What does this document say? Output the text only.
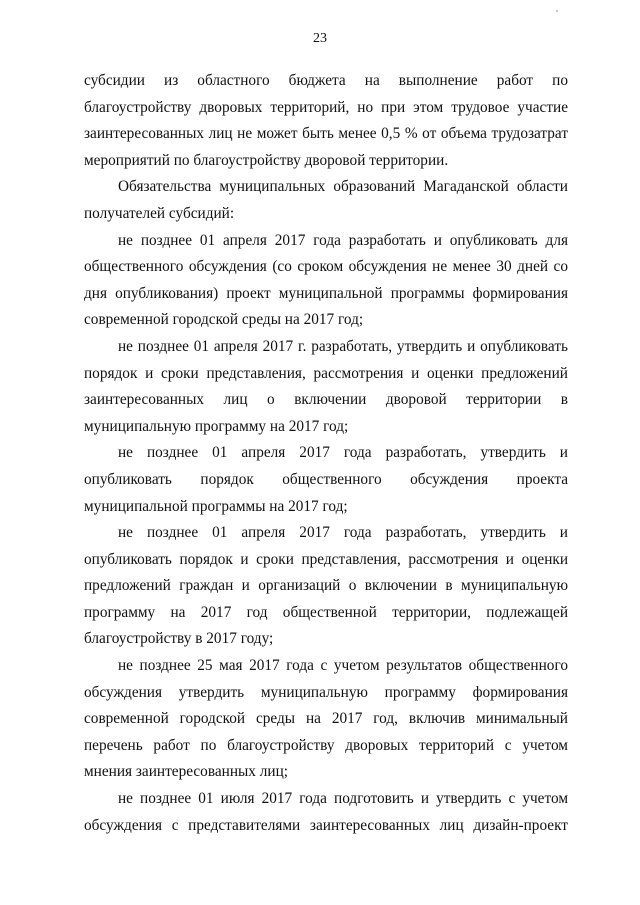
23

субсидии из областного бюджета на выполнение работ по благоустройству дворовых территорий, но при этом трудовое участие заинтересованных лиц не может быть менее 0,5 % от объема трудозатрат мероприятий по благоустройству дворовой территории.

Обязательства муниципальных образований Магаданской области получателей субсидий:

не позднее 01 апреля 2017 года разработать и опубликовать для общественного обсуждения (со сроком обсуждения не менее 30 дней со дня опубликования) проект муниципальной программы формирования современной городской среды на 2017 год;

не позднее 01 апреля 2017 г. разработать, утвердить и опубликовать порядок и сроки представления, рассмотрения и оценки предложений заинтересованных лиц о включении дворовой территории в муниципальную программу на 2017 год;

не позднее 01 апреля 2017 года разработать, утвердить и опубликовать порядок общественного обсуждения проекта муниципальной программы на 2017 год;

не позднее 01 апреля 2017 года разработать, утвердить и опубликовать порядок и сроки представления, рассмотрения и оценки предложений граждан и организаций о включении в муниципальную программу на 2017 год общественной территории, подлежащей благоустройству в 2017 году;

не позднее 25 мая 2017 года с учетом результатов общественного обсуждения утвердить муниципальную программу формирования современной городской среды на 2017 год, включив минимальный перечень работ по благоустройству дворовых территорий с учетом мнения заинтересованных лиц;

не позднее 01 июля 2017 года подготовить и утвердить с учетом обсуждения с представителями заинтересованных лиц дизайн-проект
